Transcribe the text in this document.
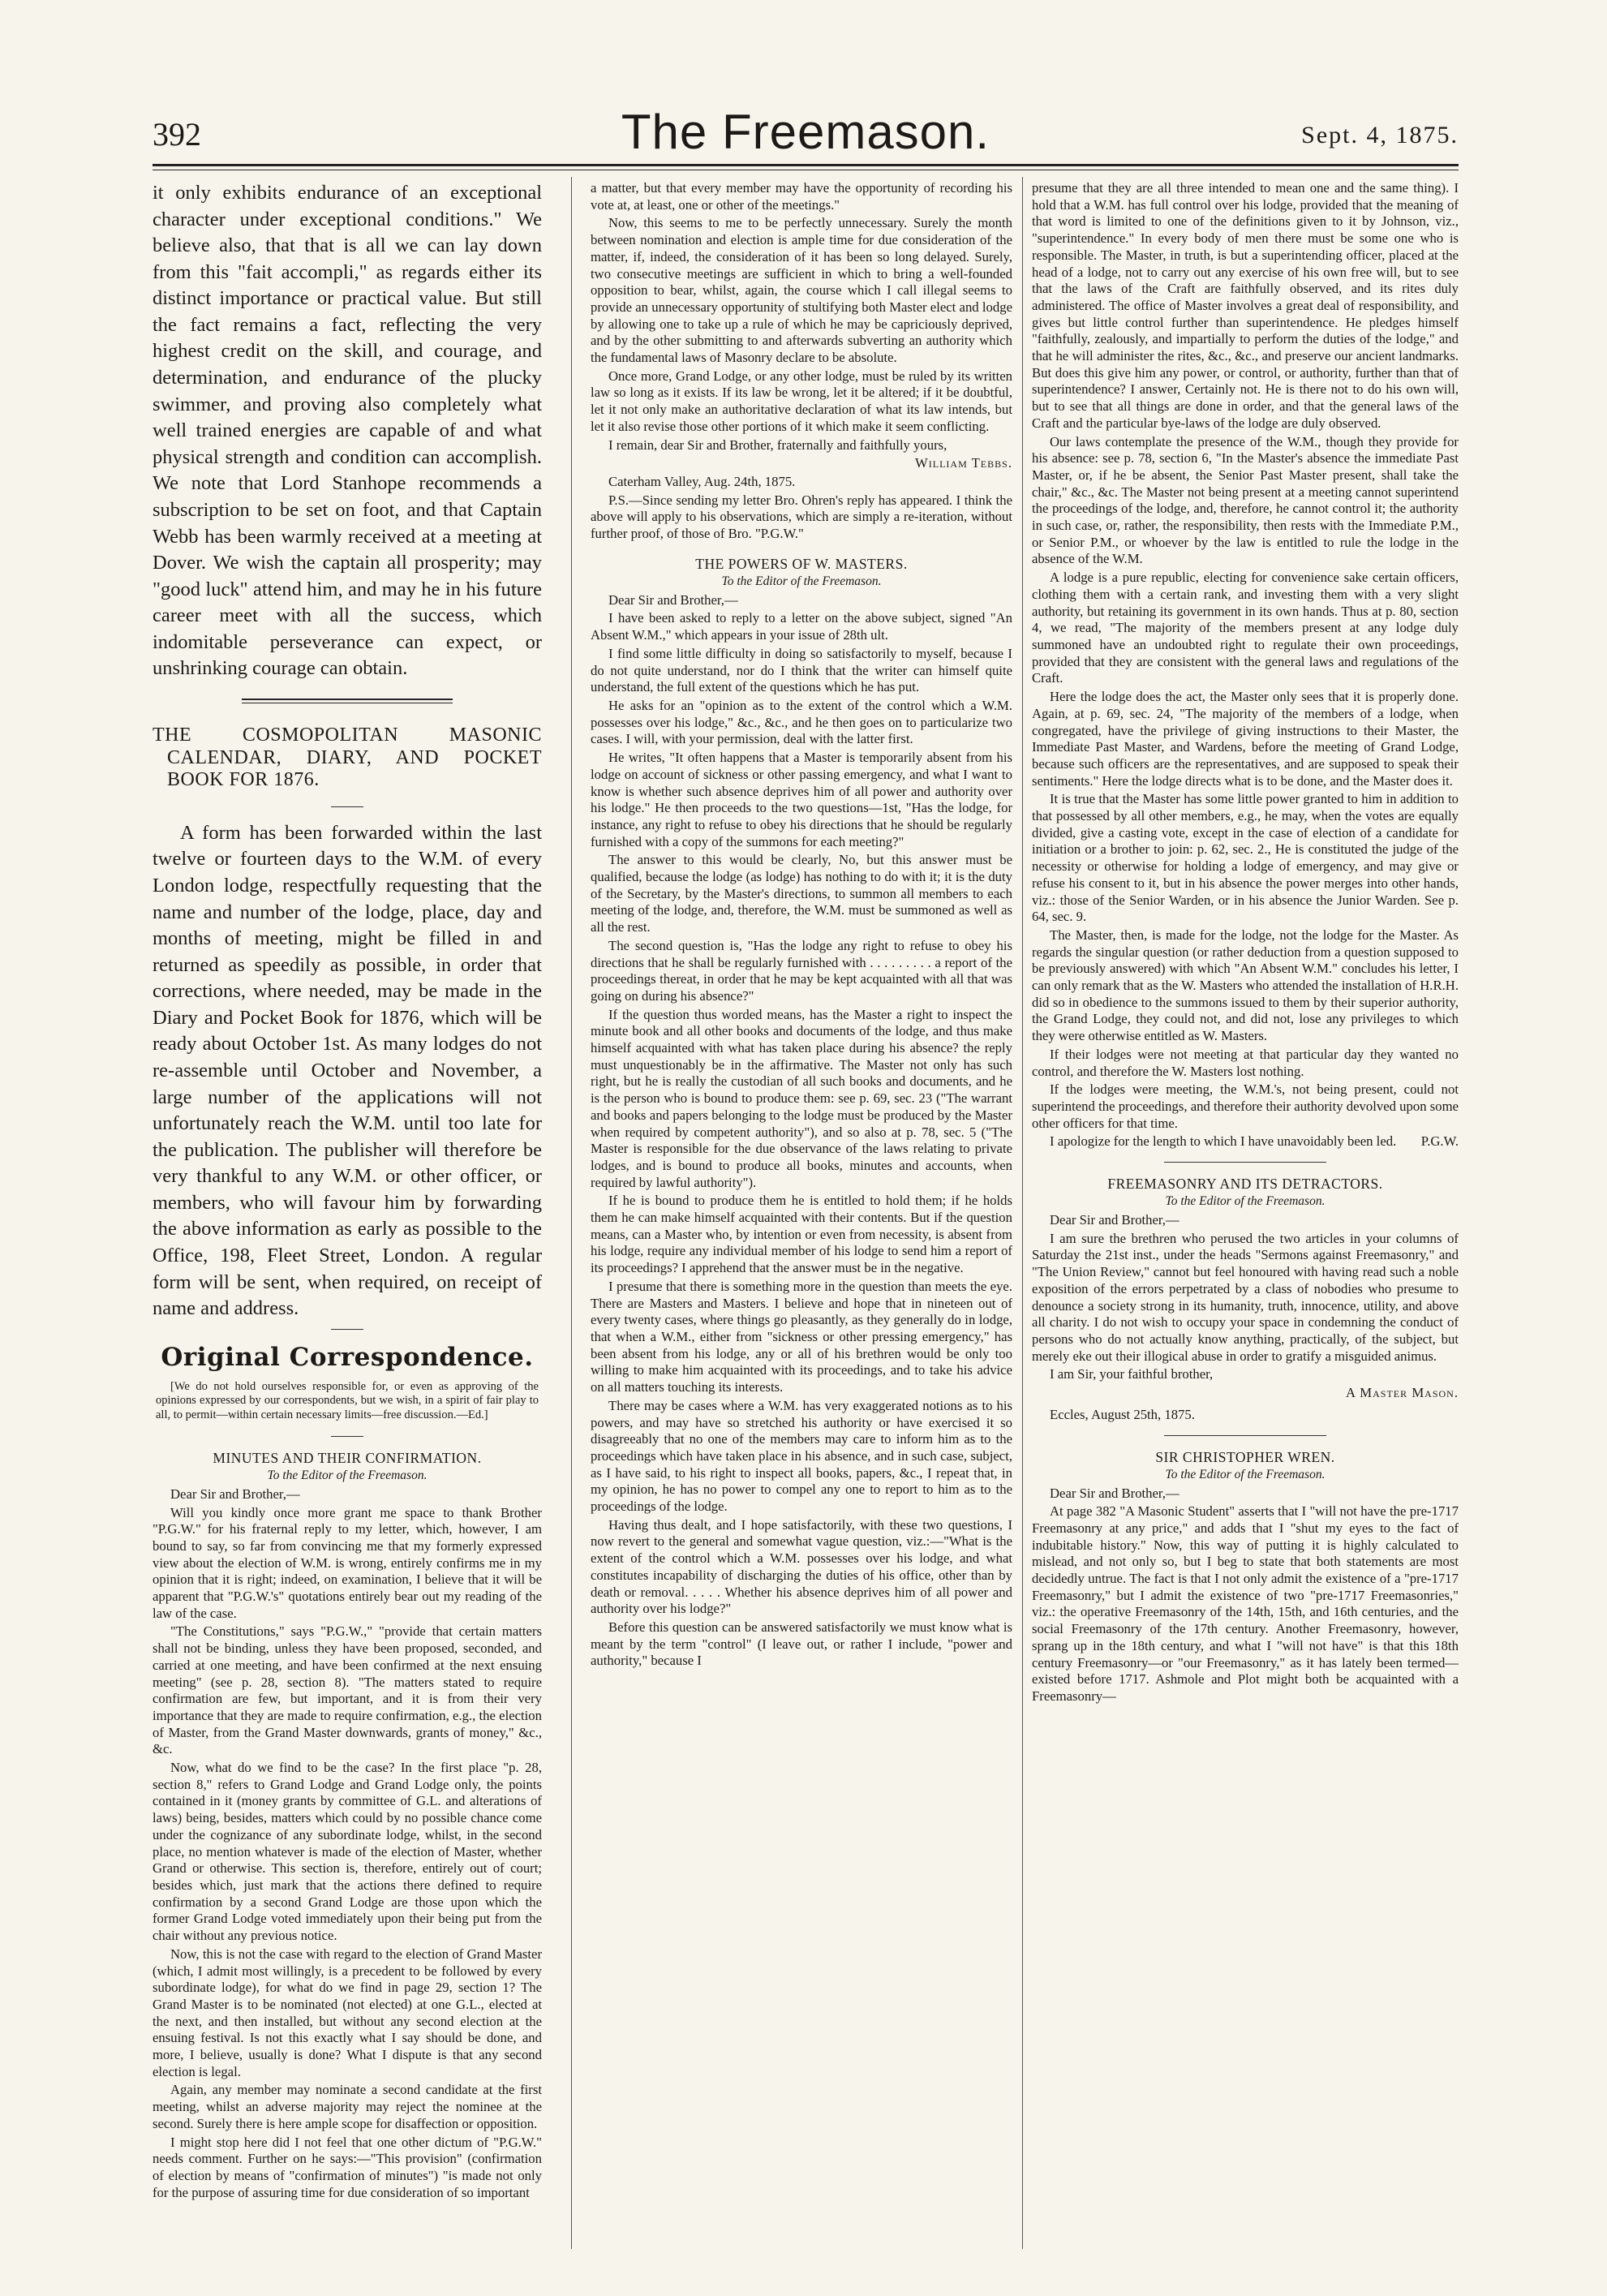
392	The Freemason.	Sept. 4, 1875.

it only exhibits endurance of an exceptional character under exceptional conditions." We believe also, that that is all we can lay down from this "fait accompli," as regards either its distinct importance or practical value. But still the fact remains a fact, reflecting the very highest credit on the skill, and courage, and determination, and endurance of the plucky swimmer, and proving also completely what well trained energies are capable of and what physical strength and condition can accomplish. We note that Lord Stanhope recommends a subscription to be set on foot, and that Captain Webb has been warmly received at a meeting at Dover. We wish the captain all prosperity; may "good luck" attend him, and may he in his future career meet with all the success, which indomitable perseverance can expect, or unshrinking courage can obtain.

THE COSMOPOLITAN MASONIC CALENDAR, DIARY, AND POCKET BOOK FOR 1876.

A form has been forwarded within the last twelve or fourteen days to the W.M. of every London lodge, respectfully requesting that the name and number of the lodge, place, day and months of meeting, might be filled in and returned as speedily as possible, in order that corrections, where needed, may be made in the Diary and Pocket Book for 1876, which will be ready about October 1st. As many lodges do not re-assemble until October and November, a large number of the applications will not unfortunately reach the W.M. until too late for the publication. The publisher will therefore be very thankful to any W.M. or other officer, or members, who will favour him by forwarding the above information as early as possible to the Office, 198, Fleet Street, London. A regular form will be sent, when required, on receipt of name and address.

Original Correspondence.
[We do not hold ourselves responsible for, or even as approving of the opinions expressed by our correspondents, but we wish, in a spirit of fair play to all, to permit—within certain necessary limits—free discussion.—Ed.]
MINUTES AND THEIR CONFIRMATION.
To the Editor of the Freemason.
Dear Sir and Brother,—

Will you kindly once more grant me space to thank Brother "P.G.W." for his fraternal reply to my letter, which, however, I am bound to say, so far from convincing me that my formerly expressed view about the election of W.M. is wrong, entirely confirms me in my opinion that it is right; indeed, on examination, I believe that it will be apparent that "P.G.W.'s" quotations entirely bear out my reading of the law of the case.

"The Constitutions," says "P.G.W.," "provide that certain matters shall not be binding, unless they have been proposed, seconded, and carried at one meeting, and have been confirmed at the next ensuing meeting" (see p. 28, section 8). "The matters stated to require confirmation are few, but important, and it is from their very importance that they are made to require confirmation, e.g., the election of Master, from the Grand Master downwards, grants of money," &c., &c.

Now, what do we find to be the case? In the first place "p. 28, section 8," refers to Grand Lodge and Grand Lodge only, the points contained in it (money grants by committee of G.L. and alterations of laws) being, besides, matters which could by no possible chance come under the cognizance of any subordinate lodge, whilst, in the second place, no mention whatever is made of the election of Master, whether Grand or otherwise. This section is, therefore, entirely out of court; besides which, just mark that the actions there defined to require confirmation by a second Grand Lodge are those upon which the former Grand Lodge voted immediately upon their being put from the chair without any previous notice.

Now, this is not the case with regard to the election of Grand Master (which, I admit most willingly, is a precedent to be followed by every subordinate lodge), for what do we find in page 29, section 1? The Grand Master is to be nominated (not elected) at one G.L., elected at the next, and then installed, but without any second election at the ensuing festival. Is not this exactly what I say should be done, and more, I believe, usually is done? What I dispute is that any second election is legal.

Again, any member may nominate a second candidate at the first meeting, whilst an adverse majority may reject the nominee at the second. Surely there is here ample scope for disaffection or opposition.

I might stop here did I not feel that one other dictum of "P.G.W." needs comment. Further on he says:—"This provision" (confirmation of election by means of "confirmation of minutes") "is made not only for the purpose of assuring time for due consideration of so important

a matter, but that every member may have the opportunity of recording his vote at, at least, one or other of the meetings."

Now, this seems to me to be perfectly unnecessary. Surely the month between nomination and election is ample time for due consideration of the matter, if, indeed, the consideration of it has been so long delayed. Surely, two consecutive meetings are sufficient in which to bring a well-founded opposition to bear, whilst, again, the course which I call illegal seems to provide an unnecessary opportunity of stultifying both Master elect and lodge by allowing one to take up a rule of which he may be capriciously deprived, and by the other submitting to and afterwards subverting an authority which the fundamental laws of Masonry declare to be absolute.

Once more, Grand Lodge, or any other lodge, must be ruled by its written law so long as it exists. If its law be wrong, let it be altered; if it be doubtful, let it not only make an authoritative declaration of what its law intends, but let it also revise those other portions of it which make it seem conflicting.

I remain, dear Sir and Brother, fraternally and faithfully yours,

William Tebbs.
Caterham Valley, Aug. 24th, 1875.

P.S.—Since sending my letter Bro. Ohren's reply has appeared. I think the above will apply to his observations, which are simply a re-iteration, without further proof, of those of Bro. "P.G.W."

THE POWERS OF W. MASTERS.
To the Editor of the Freemason.
Dear Sir and Brother,—

I have been asked to reply to a letter on the above subject, signed "An Absent W.M.," which appears in your issue of 28th ult.

I find some little difficulty in doing so satisfactorily to myself, because I do not quite understand, nor do I think that the writer can himself quite understand, the full extent of the questions which he has put.

He asks for an "opinion as to the extent of the control which a W.M. possesses over his lodge," &c., &c., and he then goes on to particularize two cases. I will, with your permission, deal with the latter first.

He writes, "It often happens that a Master is temporarily absent from his lodge on account of sickness or other passing emergency, and what I want to know is whether such absence deprives him of all power and authority over his lodge." He then proceeds to the two questions—1st, "Has the lodge, for instance, any right to refuse to obey his directions that he should be regularly furnished with a copy of the summons for each meeting?"

The answer to this would be clearly, No, but this answer must be qualified, because the lodge (as lodge) has nothing to do with it; it is the duty of the Secretary, by the Master's directions, to summon all members to each meeting of the lodge, and, therefore, the W.M. must be summoned as well as all the rest.

The second question is, "Has the lodge any right to refuse to obey his directions that he shall be regularly furnished with . . . . . . . . . a report of the proceedings thereat, in order that he may be kept acquainted with all that was going on during his absence?"

If the question thus worded means, has the Master a right to inspect the minute book and all other books and documents of the lodge, and thus make himself acquainted with what has taken place during his absence? the reply must unquestionably be in the affirmative. The Master not only has such right, but he is really the custodian of all such books and documents, and he is the person who is bound to produce them: see p. 69, sec. 23 ("The warrant and books and papers belonging to the lodge must be produced by the Master when required by competent authority"), and so also at p. 78, sec. 5 ("The Master is responsible for the due observance of the laws relating to private lodges, and is bound to produce all books, minutes and accounts, when required by lawful authority").

If he is bound to produce them he is entitled to hold them; if he holds them he can make himself acquainted with their contents. But if the question means, can a Master who, by intention or even from necessity, is absent from his lodge, require any individual member of his lodge to send him a report of its proceedings? I apprehend that the answer must be in the negative.

I presume that there is something more in the question than meets the eye. There are Masters and Masters. I believe and hope that in nineteen out of every twenty cases, where things go pleasantly, as they generally do in lodge, that when a W.M., either from "sickness or other pressing emergency," has been absent from his lodge, any or all of his brethren would be only too willing to make him acquainted with its proceedings, and to take his advice on all matters touching its interests.

There may be cases where a W.M. has very exaggerated notions as to his powers, and may have so stretched his authority or have exercised it so disagreeably that no one of the members may care to inform him as to the proceedings which have taken place in his absence, and in such case, subject, as I have said, to his right to inspect all books, papers, &c., I repeat that, in my opinion, he has no power to compel any one to report to him as to the proceedings of the lodge.

Having thus dealt, and I hope satisfactorily, with these two questions, I now revert to the general and somewhat vague question, viz.:—"What is the extent of the control which a W.M. possesses over his lodge, and what constitutes incapability of discharging the duties of his office, other than by death or removal. . . . . Whether his absence deprives him of all power and authority over his lodge?"

Before this question can be answered satisfactorily we must know what is meant by the term "control" (I leave out, or rather I include, "power and authority," because I

presume that they are all three intended to mean one and the same thing). I hold that a W.M. has full control over his lodge, provided that the meaning of that word is limited to one of the definitions given to it by Johnson, viz., "superintendence." In every body of men there must be some one who is responsible. The Master, in truth, is but a superintending officer, placed at the head of a lodge, not to carry out any exercise of his own free will, but to see that the laws of the Craft are faithfully observed, and its rites duly administered. The office of Master involves a great deal of responsibility, and gives but little control further than superintendence. He pledges himself "faithfully, zealously, and impartially to perform the duties of the lodge," and that he will administer the rites, &c., &c., and preserve our ancient landmarks. But does this give him any power, or control, or authority, further than that of superintendence? I answer, Certainly not. He is there not to do his own will, but to see that all things are done in order, and that the general laws of the Craft and the particular bye-laws of the lodge are duly observed.

Our laws contemplate the presence of the W.M., though they provide for his absence: see p. 78, section 6, "In the Master's absence the immediate Past Master, or, if he be absent, the Senior Past Master present, shall take the chair," &c., &c. The Master not being present at a meeting cannot superintend the proceedings of the lodge, and, therefore, he cannot control it; the authority in such case, or, rather, the responsibility, then rests with the Immediate P.M., or Senior P.M., or whoever by the law is entitled to rule the lodge in the absence of the W.M.

A lodge is a pure republic, electing for convenience sake certain officers, clothing them with a certain rank, and investing them with a very slight authority, but retaining its government in its own hands. Thus at p. 80, section 4, we read, "The majority of the members present at any lodge duly summoned have an undoubted right to regulate their own proceedings, provided that they are consistent with the general laws and regulations of the Craft.

Here the lodge does the act, the Master only sees that it is properly done. Again, at p. 69, sec. 24, "The majority of the members of a lodge, when congregated, have the privilege of giving instructions to their Master, the Immediate Past Master, and Wardens, before the meeting of Grand Lodge, because such officers are the representatives, and are supposed to speak their sentiments." Here the lodge directs what is to be done, and the Master does it.

It is true that the Master has some little power granted to him in addition to that possessed by all other members, e.g., he may, when the votes are equally divided, give a casting vote, except in the case of election of a candidate for initiation or a brother to join: p. 62, sec. 2., He is constituted the judge of the necessity or otherwise for holding a lodge of emergency, and may give or refuse his consent to it, but in his absence the power merges into other hands, viz.: those of the Senior Warden, or in his absence the Junior Warden. See p. 64, sec. 9.

The Master, then, is made for the lodge, not the lodge for the Master. As regards the singular question (or rather deduction from a question supposed to be previously answered) with which "An Absent W.M." concludes his letter, I can only remark that as the W. Masters who attended the installation of H.R.H. did so in obedience to the summons issued to them by their superior authority, the Grand Lodge, they could not, and did not, lose any privileges to which they were otherwise entitled as W. Masters.

If their lodges were not meeting at that particular day they wanted no control, and therefore the W. Masters lost nothing.

If the lodges were meeting, the W.M.'s, not being present, could not superintend the proceedings, and therefore their authority devolved upon some other officers for that time.

I apologize for the length to which I have unavoidably been led. P.G.W.
FREEMASONRY AND ITS DETRACTORS.
To the Editor of the Freemason.
Dear Sir and Brother,—

I am sure the brethren who perused the two articles in your columns of Saturday the 21st inst., under the heads "Sermons against Freemasonry," and "The Union Review," cannot but feel honoured with having read such a noble exposition of the errors perpetrated by a class of nobodies who presume to denounce a society strong in its humanity, truth, innocence, utility, and above all charity. I do not wish to occupy your space in condemning the conduct of persons who do not actually know anything, practically, of the subject, but merely eke out their illogical abuse in order to gratify a misguided animus.

I am Sir, your faithful brother,

A Master Mason.
Eccles, August 25th, 1875.
SIR CHRISTOPHER WREN.
To the Editor of the Freemason.
Dear Sir and Brother,—

At page 382 "A Masonic Student" asserts that I "will not have the pre-1717 Freemasonry at any price," and adds that I "shut my eyes to the fact of indubitable history." Now, this way of putting it is highly calculated to mislead, and not only so, but I beg to state that both statements are most decidedly untrue. The fact is that I not only admit the existence of a "pre-1717 Freemasonry," but I admit the existence of two "pre-1717 Freemasonries," viz.: the operative Freemasonry of the 14th, 15th, and 16th centuries, and the social Freemasonry of the 17th century. Another Freemasonry, however, sprang up in the 18th century, and what I "will not have" is that this 18th century Freemasonry—or "our Freemasonry," as it has lately been termed—existed before 1717. Ashmole and Plot might both be acquainted with a Freemasonry—
